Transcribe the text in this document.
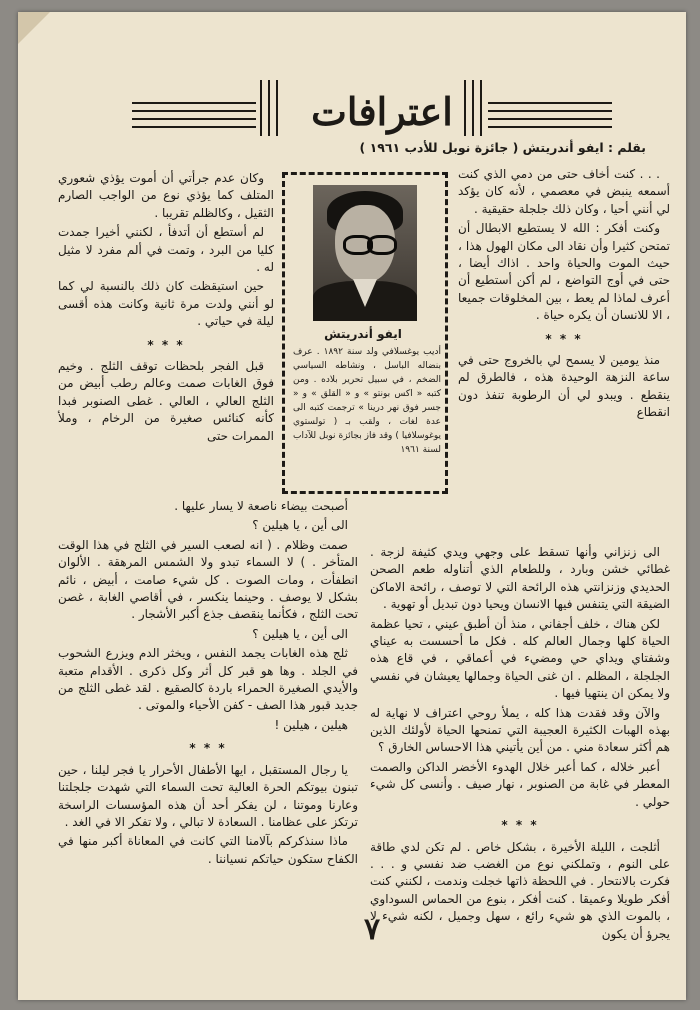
اعترافات

بقلم : ايفو أندريتش ( جائزة نوبل للأدب ١٩٦١ )

. . . كنت أخاف حتى من دمي الذي كنت أسمعه ينبض في معصمي ، لأنه كان يؤكد لي أنني أحيا ، وكان ذلك جلجلة حقيقية .

وكنت أفكر : الله لا يستطيع الابطال أن تمتحن كثيرا وأن نقاد الى مكان الهول هذا ، حيث الموت والحياة واحد . اذاك أيضا ، حتى في أوج التواضع ، لم أكن أستطيع أن أعرف لماذا لم يعط ، بين المخلوقات جميعا ، الا للانسان أن يكره حياة .

* * *

منذ يومين لا يسمح لي بالخروج حتى في ساعة النزهة الوحيدة هذه ، فالطرق لم ينقطع . ويبدو لي أن الرطوبة تنفذ دون انقطاع

ايفو أندريتش

أديب يوغسلافي ولد سنة ١٨٩٢ . عرف بنضاله الباسل ، ونشاطه السياسي الضخم ، في سبيل تحرير بلاده . ومن كتبه « اكس بونتو » و « القلق » و « جسر فوق نهر درينا » ترجمت كتبه الى عدة لغات ، ولقب بـ ( تولستوي يوغوسلافيا ) وقد فاز بجائزة نوبل للآداب لسنة ١٩٦١

وكان عدم جرأتي أن أموت يؤذي شعوري المتلف كما يؤذي نوع من الواجب الصارم الثقيل ، وكالظلم تقريبا .

لم أستطع أن أتدفأ ، لكنني أخيرا جمدت كليا من البرد ، وتمت في ألم مفرد لا مثيل له .

حين استيقظت كان ذلك بالنسبة لي كما لو أنني ولدت مرة ثانية وكانت هذه أقسى ليلة في حياتي .

* * *

قبل الفجر بلحظات توقف الثلج . وخيم فوق الغابات صمت وعالم رطب أبيض من الثلج العالي ، العالي . غطى الصنوبر فبدا كأنه كنائس صغيرة من الرخام ، وملأ الممرات حتى

أصبحت بيضاء ناصعة لا يسار عليها .

الى أين ، يا هيلين ؟

صمت وظلام . ( انه لصعب السير في الثلج في هذا الوقت المتأخر . ) لا السماء تبدو ولا الشمس المرهقة . الألوان انطفأت ، ومات الصوت . كل شيء صامت ، أبيض ، نائم بشكل لا يوصف . وحينما ينكسر ، في أقاصي الغابة ، غصن تحت الثلج ، فكأنما ينقصف جذع أكبر الأشجار .

الى أين ، يا هيلين ؟

ثلج هذه الغابات يجمد النفس ، ويخثر الدم ويزرع الشحوب في الجلد . وها هو قبر كل أثر وكل ذكرى . الأقدام متعبة والأيدي الصغيرة الحمراء باردة كالصقيع . لقد غطى الثلج من جديد قبور هذا الصف - كفن الأحياء والموتى .

هيلين ، هيلين !

* * *

يا رجال المستقبل ، ايها الأطفال الأحرار يا فجر ليلنا ، حين تبنون بيوتكم الحرة العالية تحت السماء التي شهدت جلجلتنا وعارنا وموتنا ، لن يفكر أحد أن هذه المؤسسات الراسخة ترتكز على عظامنا . السعادة لا تبالي ، ولا تفكر الا في الغد .

ماذا سنذكركم بآلامنا التي كانت في المعاناة أكبر منها في الكفاح ستكون حياتكم نسياننا .

الى زنزاني وأنها تسقط على وجهي ويدي كثيفة لزجة . غطائي خشن وبارد ، وللطعام الذي أتناوله طعم الصحن الحديدي وزنزانتي هذه الرائحة التي لا توصف ، رائحة الاماكن الضيقة التي يتنفس فيها الانسان ويحيا دون تبديل أو تهوية .

لكن هناك ، خلف أجفاني ، منذ أن أطبق عيني ، تحيا عظمة الحياة كلها وجمال العالم كله . فكل ما أحسست به عيناي وشفتاي ويداي حي ومضيء في أعماقي ، في قاع هذه الجلجلة ، المظلم . ان غنى الحياة وجمالها يعيشان في نفسي ولا يمكن ان ينتهيا فيها .

والآن وقد فقدت هذا كله ، يملأ روحي اعتراف لا نهاية له بهذه الهبات الكثيرة العجيبة التي تمنحها الحياة لأولئك الذين هم أكثر سعادة مني . من أين يأتيني هذا الاحساس الخارق ؟

أعبر خلاله ، كما أعبر خلال الهدوء الأخضر الداكن والصمت المعطر في غابة من الصنوبر ، نهار صيف . وأنسى كل شيء حولي .

* * *

أثلجت ، الليلة الأخيرة ، بشكل خاص . لم تكن لدي طاقة على النوم ، وتملكني نوع من الغضب ضد نفسي و . . . فكرت بالانتحار . في اللحظة ذاتها خجلت وندمت ، لكنني كنت أفكر طويلا وعميقا . كنت أفكر ، بنوع من الحماس السوداوي ، بالموت الذي هو شيء رائع ، سهل وجميل ، لكنه شيء لا يجرؤ أن يكون

٧
